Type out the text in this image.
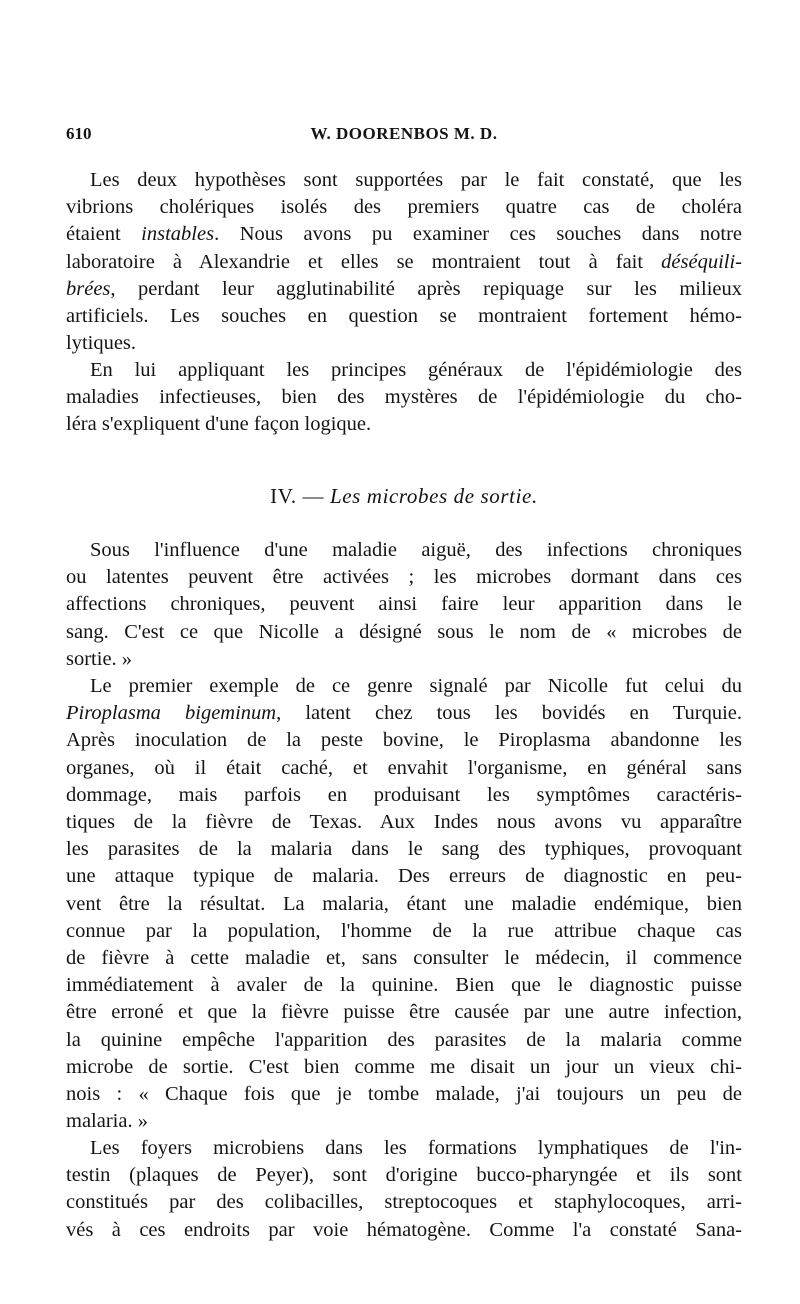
610	W. DOORENBOS M. D.
Les deux hypothèses sont supportées par le fait constaté, que les
vibrions cholériques isolés des premiers quatre cas de choléra
étaient instables. Nous avons pu examiner ces souches dans notre
laboratoire à Alexandrie et elles se montraient tout à fait déséquili-
brées, perdant leur agglutinabilité après repiquage sur les milieux
artificiels. Les souches en question se montraient fortement hémo-
lytiques.
En lui appliquant les principes généraux de l'épidémiologie des
maladies infectieuses, bien des mystères de l'épidémiologie du cho-
léra s'expliquent d'une façon logique.
IV. — Les microbes de sortie.
Sous l'influence d'une maladie aiguë, des infections chroniques
ou latentes peuvent être activées ; les microbes dormant dans ces
affections chroniques, peuvent ainsi faire leur apparition dans le
sang. C'est ce que Nicolle a désigné sous le nom de « microbes de
sortie. »
Le premier exemple de ce genre signalé par Nicolle fut celui du
Piroplasma bigeminum, latent chez tous les bovidés en Turquie.
Après inoculation de la peste bovine, le Piroplasma abandonne les
organes, où il était caché, et envahit l'organisme, en général sans
dommage, mais parfois en produisant les symptômes caractéris-
tiques de la fièvre de Texas. Aux Indes nous avons vu apparaître
les parasites de la malaria dans le sang des typhiques, provoquant
une attaque typique de malaria. Des erreurs de diagnostic en peu-
vent être la résultat. La malaria, étant une maladie endémique, bien
connue par la population, l'homme de la rue attribue chaque cas
de fièvre à cette maladie et, sans consulter le médecin, il commence
immédiatement à avaler de la quinine. Bien que le diagnostic puisse
être erroné et que la fièvre puisse être causée par une autre infection,
la quinine empêche l'apparition des parasites de la malaria comme
microbe de sortie. C'est bien comme me disait un jour un vieux chi-
nois : « Chaque fois que je tombe malade, j'ai toujours un peu de
malaria. »
Les foyers microbiens dans les formations lymphatiques de l'in-
testin (plaques de Peyer), sont d'origine bucco-pharyngée et ils sont
constitués par des colibacilles, streptocoques et staphylocoques, arri-
vés à ces endroits par voie hématogène. Comme l'a constaté Sana-
